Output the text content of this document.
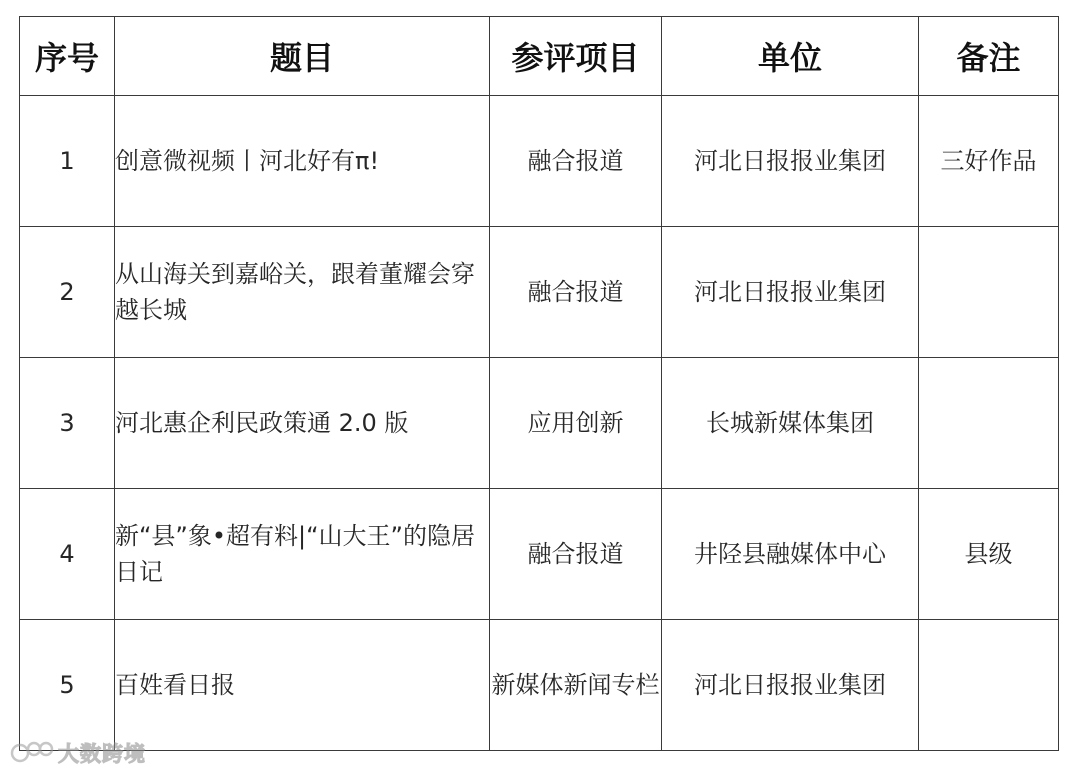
序号	题目	参评项目	单位	备注
1	创意微视频丨河北好有π!	融合报道	河北日报报业集团	三好作品
2	从山海关到嘉峪关，跟着董耀会穿越长城	融合报道	河北日报报业集团	
3	河北惠企利民政策通 2.0 版	应用创新	长城新媒体集团	
4	新“县”象•超有料|“山大王”的隐居日记	融合报道	井陉县融媒体中心	县级
5	百姓看日报	新媒体新闻专栏	河北日报报业集团	
大数跨境
